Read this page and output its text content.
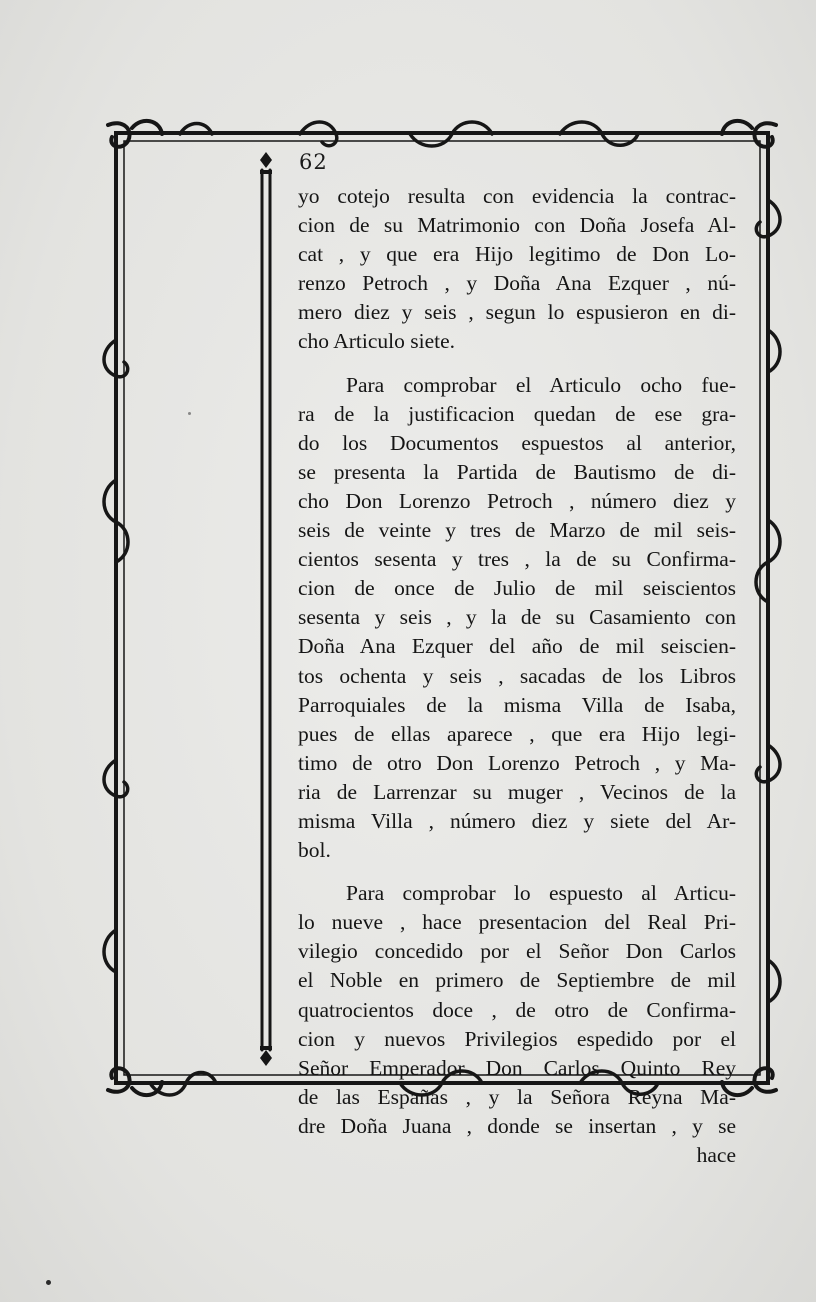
62
yo cotejo resulta con evidencia la contrac-
cion de su Matrimonio con Doña Josefa Al-
cat , y que era Hijo legitimo de Don Lo-
renzo Petroch , y Doña Ana Ezquer , nú-
mero diez y seis , segun lo espusieron en di-
cho Articulo siete.
Para comprobar el Articulo ocho fue-
ra de la justificacion quedan de ese gra-
do los Documentos espuestos al anterior,
se presenta la Partida de Bautismo de di-
cho Don Lorenzo Petroch , número diez y
seis de veinte y tres de Marzo de mil seis-
cientos sesenta y tres , la de su Confirma-
cion de once de Julio de mil seiscientos
sesenta y seis , y la de su Casamiento con
Doña Ana Ezquer del año de mil seiscien-
tos ochenta y seis , sacadas de los Libros
Parroquiales de la misma Villa de Isaba,
pues de ellas aparece , que era Hijo legi-
timo de otro Don Lorenzo Petroch , y Ma-
ria de Larrenzar su muger , Vecinos de la
misma Villa , número diez y siete del Ar-
bol.
Para comprobar lo espuesto al Articu-
lo nueve , hace presentacion del Real Pri-
vilegio concedido por el Señor Don Carlos
el Noble en primero de Septiembre de mil
quatrocientos doce , de otro de Confirma-
cion y nuevos Privilegios espedido por el
Señor Emperador Don Carlos Quinto Rey
de las Españas , y la Señora Reyna Ma-
dre Doña Juana , donde se insertan , y se
hace
